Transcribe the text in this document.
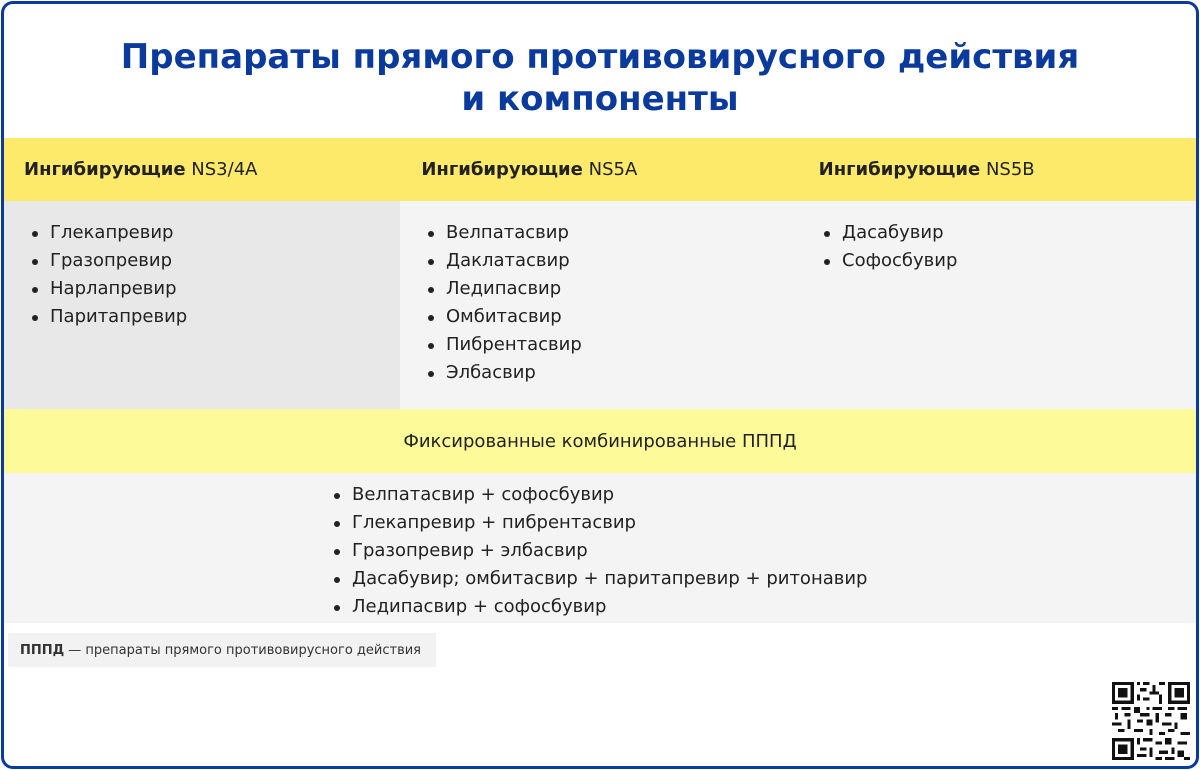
Препараты прямого противовирусного действия
и компоненты
Ингибирующие
NS3/4A	Ингибирующие
NS5A	Ингибирующие
NS5B
Глекапревир
Гразопревир
Нарлапревир
Паритапревир
Велпатасвир
Даклатасвир
Ледипасвир
Омбитасвир
Пибрентасвир
Элбасвир
Дасабувир
Софосбувир
Фиксированные комбинированные ПППД
Велпатасвир + софосбувир
Глекапревир + пибрентасвир
Гразопревир + элбасвир
Дасабувир; омбитасвир + паритапревир + ритонавир
Ледипасвир + софосбувир
ПППД — препараты прямого противовирусного действия
